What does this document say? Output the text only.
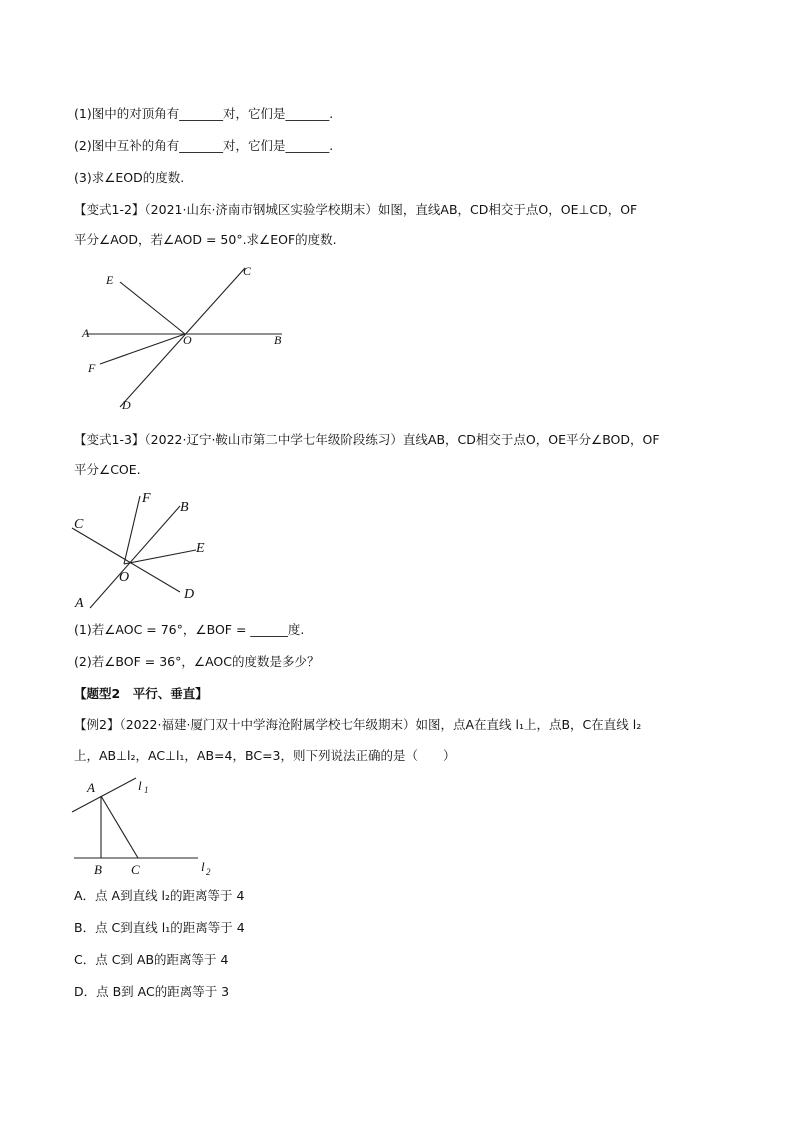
(1)图中的对顶角有_______对，它们是_______.
(2)图中互补的角有_______对，它们是_______.
(3)求∠EOD的度数.
【变式1-2】（2021·山东·济南市钢城区实验学校期末）如图，直线AB，CD相交于点O，OE⊥CD，OF
平分∠AOD，若∠AOD = 50°.求∠EOF的度数.
E
C
A	O	B
F
D
【变式1-3】（2022·辽宁·鞍山市第二中学七年级阶段练习）直线AB，CD相交于点O，OE平分∠BOD，OF
平分∠COE.
F
B
C
E
O
A
D
(1)若∠AOC = 76°，∠BOF = ______度.
(2)若∠BOF = 36°，∠AOC的度数是多少？
【题型2　平行、垂直】
【例2】（2022·福建·厦门双十中学海沧附属学校七年级期末）如图，点A在直线 l₁上，点B，C在直线 l₂
上，AB⊥l₂，AC⊥l₁，AB=4，BC=3，则下列说法正确的是（　　）
A	l 1
B C	l 2
A．点 A到直线 l₂的距离等于 4
B．点 C到直线 l₁的距离等于 4
C．点 C到 AB的距离等于 4
D．点 B到 AC的距离等于 3
